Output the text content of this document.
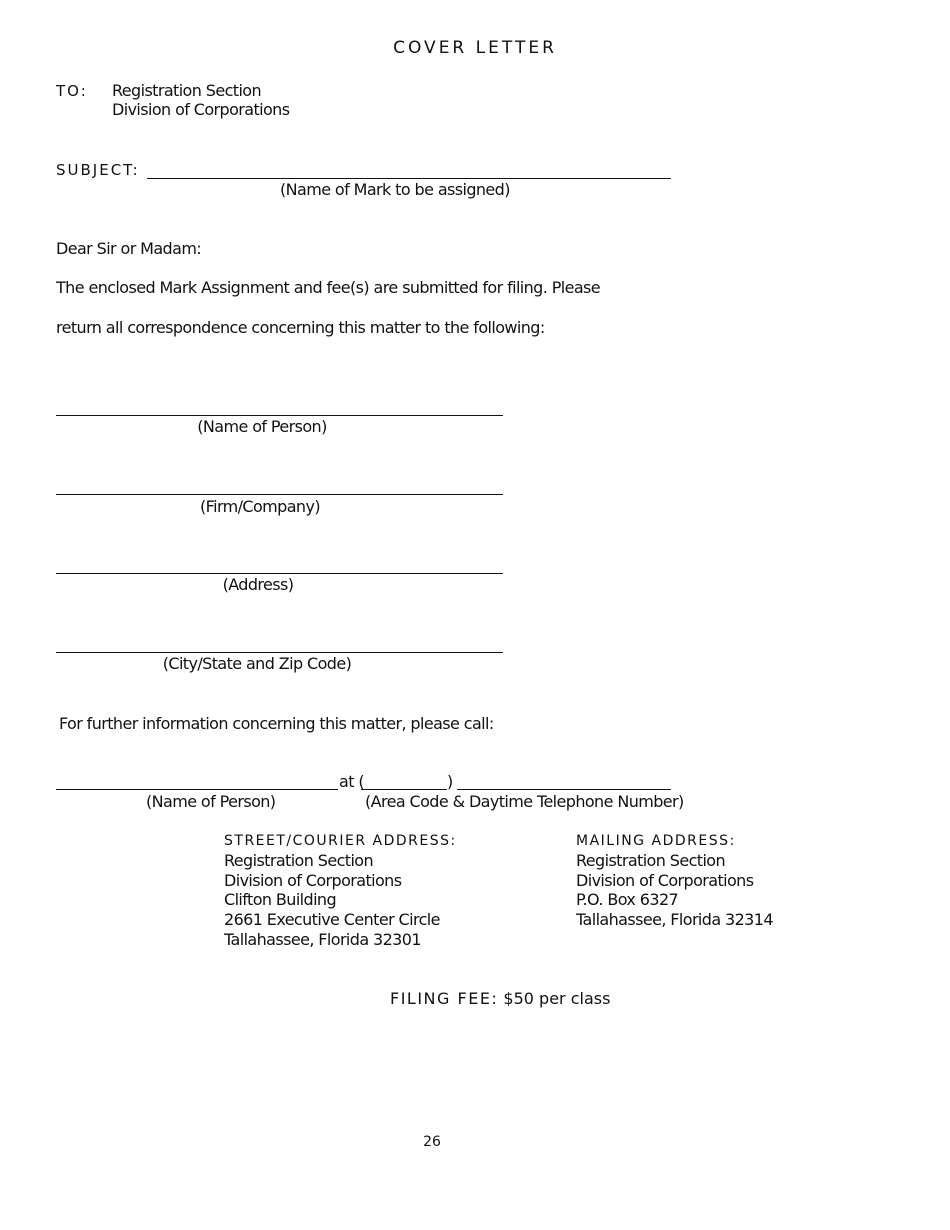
COVER LETTER
TO: Registration Section
Division of Corporations
SUBJECT:
(Name of Mark to be assigned)
Dear Sir or Madam:
The enclosed Mark Assignment and fee(s) are submitted for filing. Please
return all correspondence concerning this matter to the following:
(Name of Person)
(Firm/Company)
(Address)
(City/State and Zip Code)
For further information concerning this matter, please call:
at (	)
(Name of Person)	(Area Code & Daytime Telephone Number)
STREET/COURIER ADDRESS:
Registration Section
Division of Corporations
Clifton Building
2661 Executive Center Circle
Tallahassee, Florida 32301
MAILING ADDRESS:
Registration Section
Division of Corporations
P.O. Box 6327
Tallahassee, Florida 32314
FILING FEE: $50 per class
26
